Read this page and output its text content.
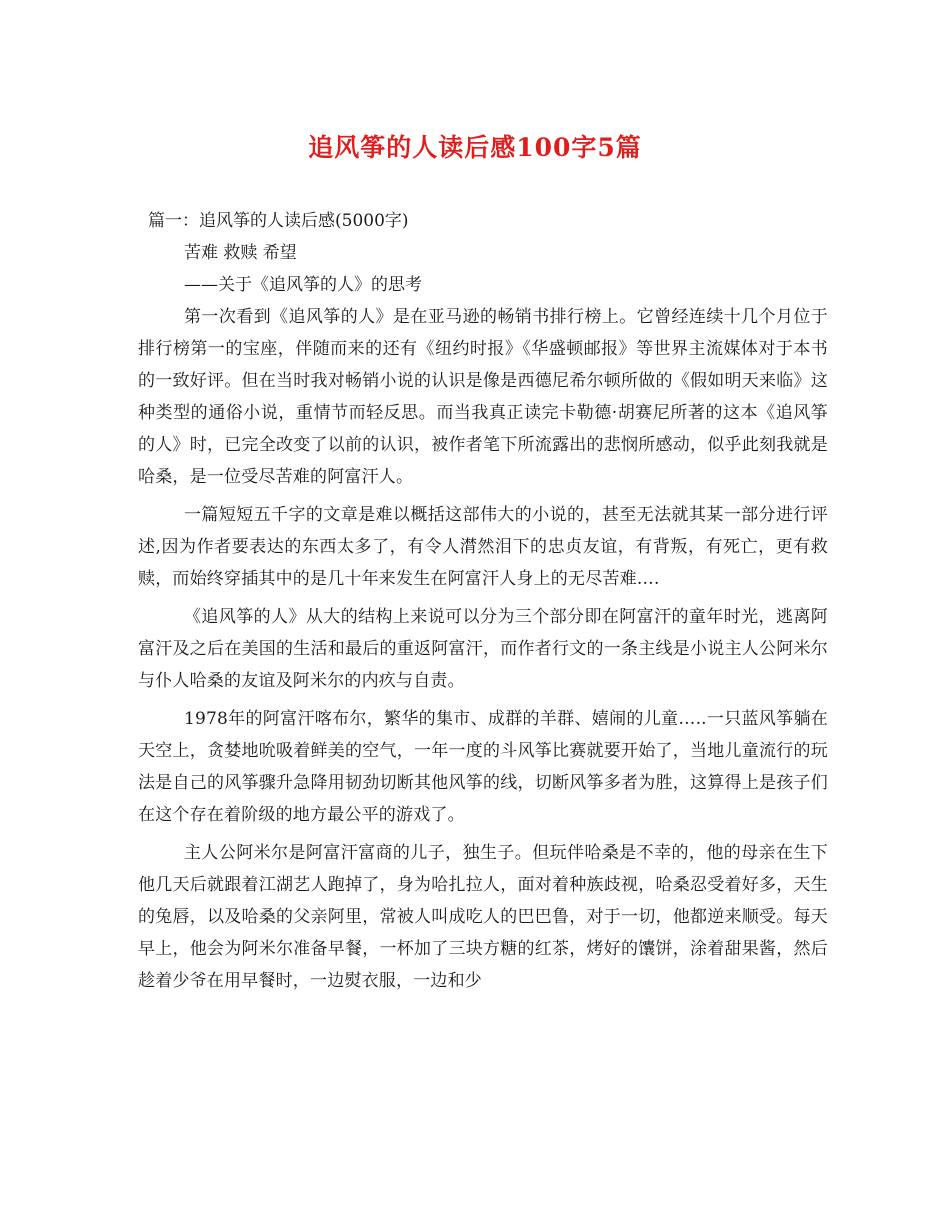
追风筝的人读后感100字5篇

篇一：追风筝的人读后感(5000字)

苦难 救赎 希望

——关于《追风筝的人》的思考

第一次看到《追风筝的人》是在亚马逊的畅销书排行榜上。它曾经连续十几个月位于排行榜第一的宝座，伴随而来的还有《纽约时报》《华盛顿邮报》等世界主流媒体对于本书的一致好评。但在当时我对畅销小说的认识是像是西德尼希尔顿所做的《假如明天来临》这种类型的通俗小说，重情节而轻反思。而当我真正读完卡勒德·胡赛尼所著的这本《追风筝的人》时，已完全改变了以前的认识，被作者笔下所流露出的悲悯所感动，似乎此刻我就是哈桑，是一位受尽苦难的阿富汗人。

一篇短短五千字的文章是难以概括这部伟大的小说的，甚至无法就其某一部分进行评述,因为作者要表达的东西太多了，有令人潸然泪下的忠贞友谊，有背叛，有死亡，更有救赎，而始终穿插其中的是几十年来发生在阿富汗人身上的无尽苦难….

《追风筝的人》从大的结构上来说可以分为三个部分即在阿富汗的童年时光，逃离阿富汗及之后在美国的生活和最后的重返阿富汗，而作者行文的一条主线是小说主人公阿米尔与仆人哈桑的友谊及阿米尔的内疚与自责。

1978年的阿富汗喀布尔，繁华的集市、成群的羊群、嬉闹的儿童…..一只蓝风筝躺在天空上，贪婪地吮吸着鲜美的空气，一年一度的斗风筝比赛就要开始了，当地儿童流行的玩法是自己的风筝骤升急降用韧劲切断其他风筝的线，切断风筝多者为胜，这算得上是孩子们在这个存在着阶级的地方最公平的游戏了。

主人公阿米尔是阿富汗富商的儿子，独生子。但玩伴哈桑是不幸的，他的母亲在生下他几天后就跟着江湖艺人跑掉了，身为哈扎拉人，面对着种族歧视，哈桑忍受着好多，天生的兔唇，以及哈桑的父亲阿里，常被人叫成吃人的巴巴鲁，对于一切，他都逆来顺受。每天早上，他会为阿米尔准备早餐，一杯加了三块方糖的红茶，烤好的馕饼，涂着甜果酱，然后趁着少爷在用早餐时，一边熨衣服，一边和少
